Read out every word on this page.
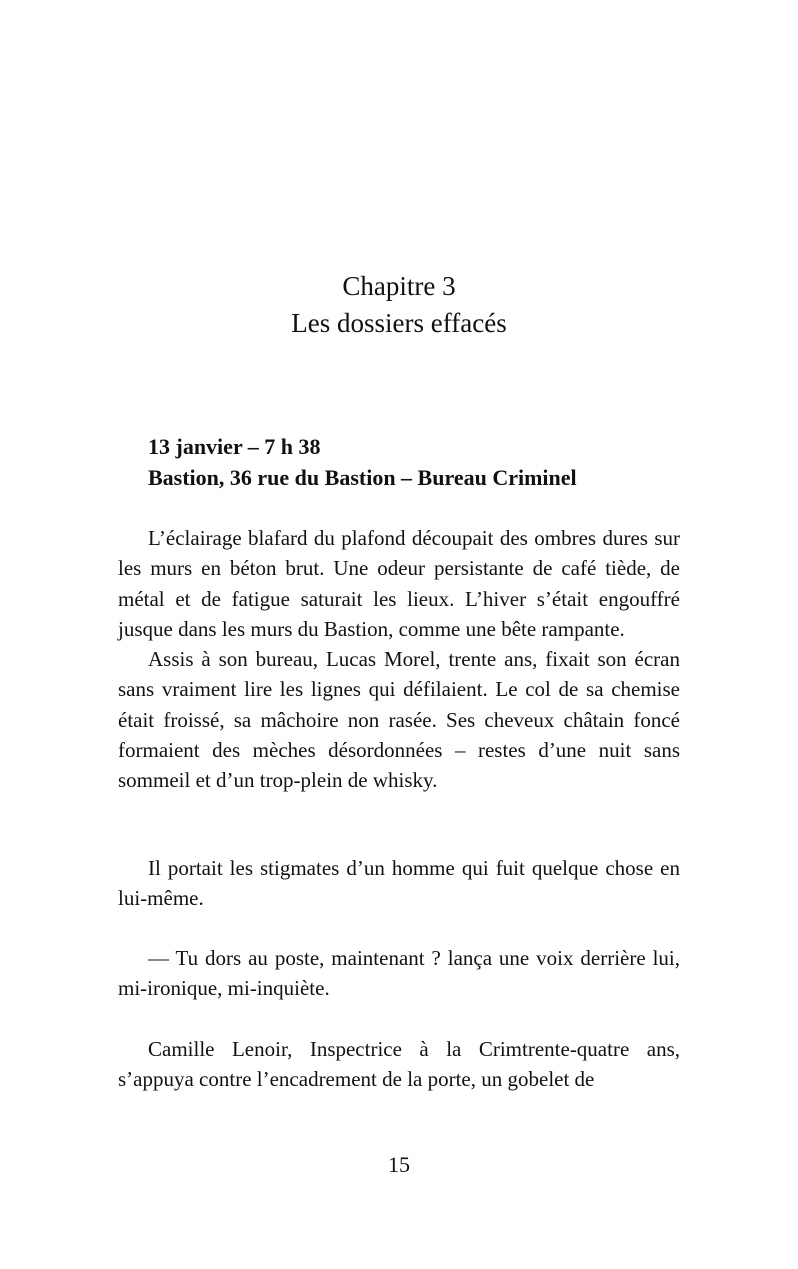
Chapitre 3
Les dossiers effacés
13 janvier – 7 h 38
Bastion, 36 rue du Bastion – Bureau Criminel

L’éclairage blafard du plafond découpait des ombres dures sur les murs en béton brut. Une odeur persistante de café tiède, de métal et de fatigue saturait les lieux. L’hiver s’était engouffré jusque dans les murs du Bastion, comme une bête rampante.

Assis à son bureau, Lucas Morel, trente ans, fixait son écran sans vraiment lire les lignes qui défilaient. Le col de sa chemise était froissé, sa mâchoire non rasée. Ses cheveux châtain foncé formaient des mèches désordonnées – restes d’une nuit sans sommeil et d’un trop-plein de whisky.

Il portait les stigmates d’un homme qui fuit quelque chose en lui-même.

— Tu dors au poste, maintenant ? lança une voix derrière lui, mi-ironique, mi-inquiète.

Camille Lenoir, Inspectrice à la Crimtrente-quatre ans, s’appuya contre l’encadrement de la porte, un gobelet de

15
